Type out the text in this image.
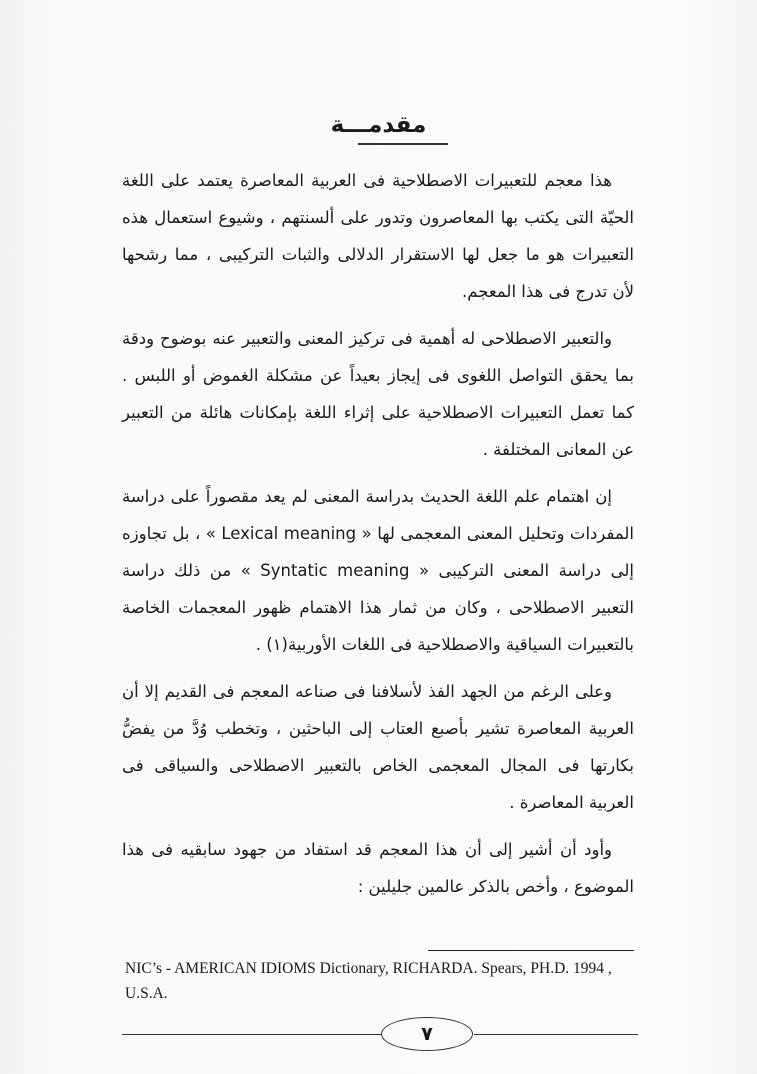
مقدمـــة

هذا معجم للتعبيرات الاصطلاحية فى العربية المعاصرة يعتمد على اللغة الحيّة التى يكتب بها المعاصرون وتدور على ألسنتهم ، وشيوع استعمال هذه التعبيرات هو ما جعل لها الاستقرار الدلالى والثبات التركيبى ، مما رشحها لأن تدرج فى هذا المعجم.

والتعبير الاصطلاحى له أهمية فى تركيز المعنى والتعبير عنه بوضوح ودقة بما يحقق التواصل اللغوى فى إيجاز بعيداً عن مشكلة الغموض أو اللبس . كما تعمل التعبيرات الاصطلاحية على إثراء اللغة بإمكانات هائلة من التعبير عن المعانى المختلفة .

إن اهتمام علم اللغة الحديث بدراسة المعنى لم يعد مقصوراً على دراسة المفردات وتحليل المعنى المعجمى لها « Lexical meaning » ، بل تجاوزه إلى دراسة المعنى التركيبى « Syntatic meaning » من ذلك دراسة التعبير الاصطلاحى ، وكان من ثمار هذا الاهتمام ظهور المعجمات الخاصة بالتعبيرات السياقية والاصطلاحية فى اللغات الأوربية(١) .

وعلى الرغم من الجهد الفذ لأسلافنا فى صناعه المعجم فى القديم إلا أن العربية المعاصرة تشير بأصبع العتاب إلى الباحثين ، وتخطب وُدَّ من يفضُّ بكارتها فى المجال المعجمى الخاص بالتعبير الاصطلاحى والسياقى فى العربية المعاصرة .

وأود أن أشير إلى أن هذا المعجم قد استفاد من جهود سابقيه فى هذا الموضوع ، وأخص بالذكر عالمين جليلين :

NIC’s - AMERICAN IDIOMS Dictionary, RICHARDA. Spears, PH.D. 1994 , U.S.A.
٧
